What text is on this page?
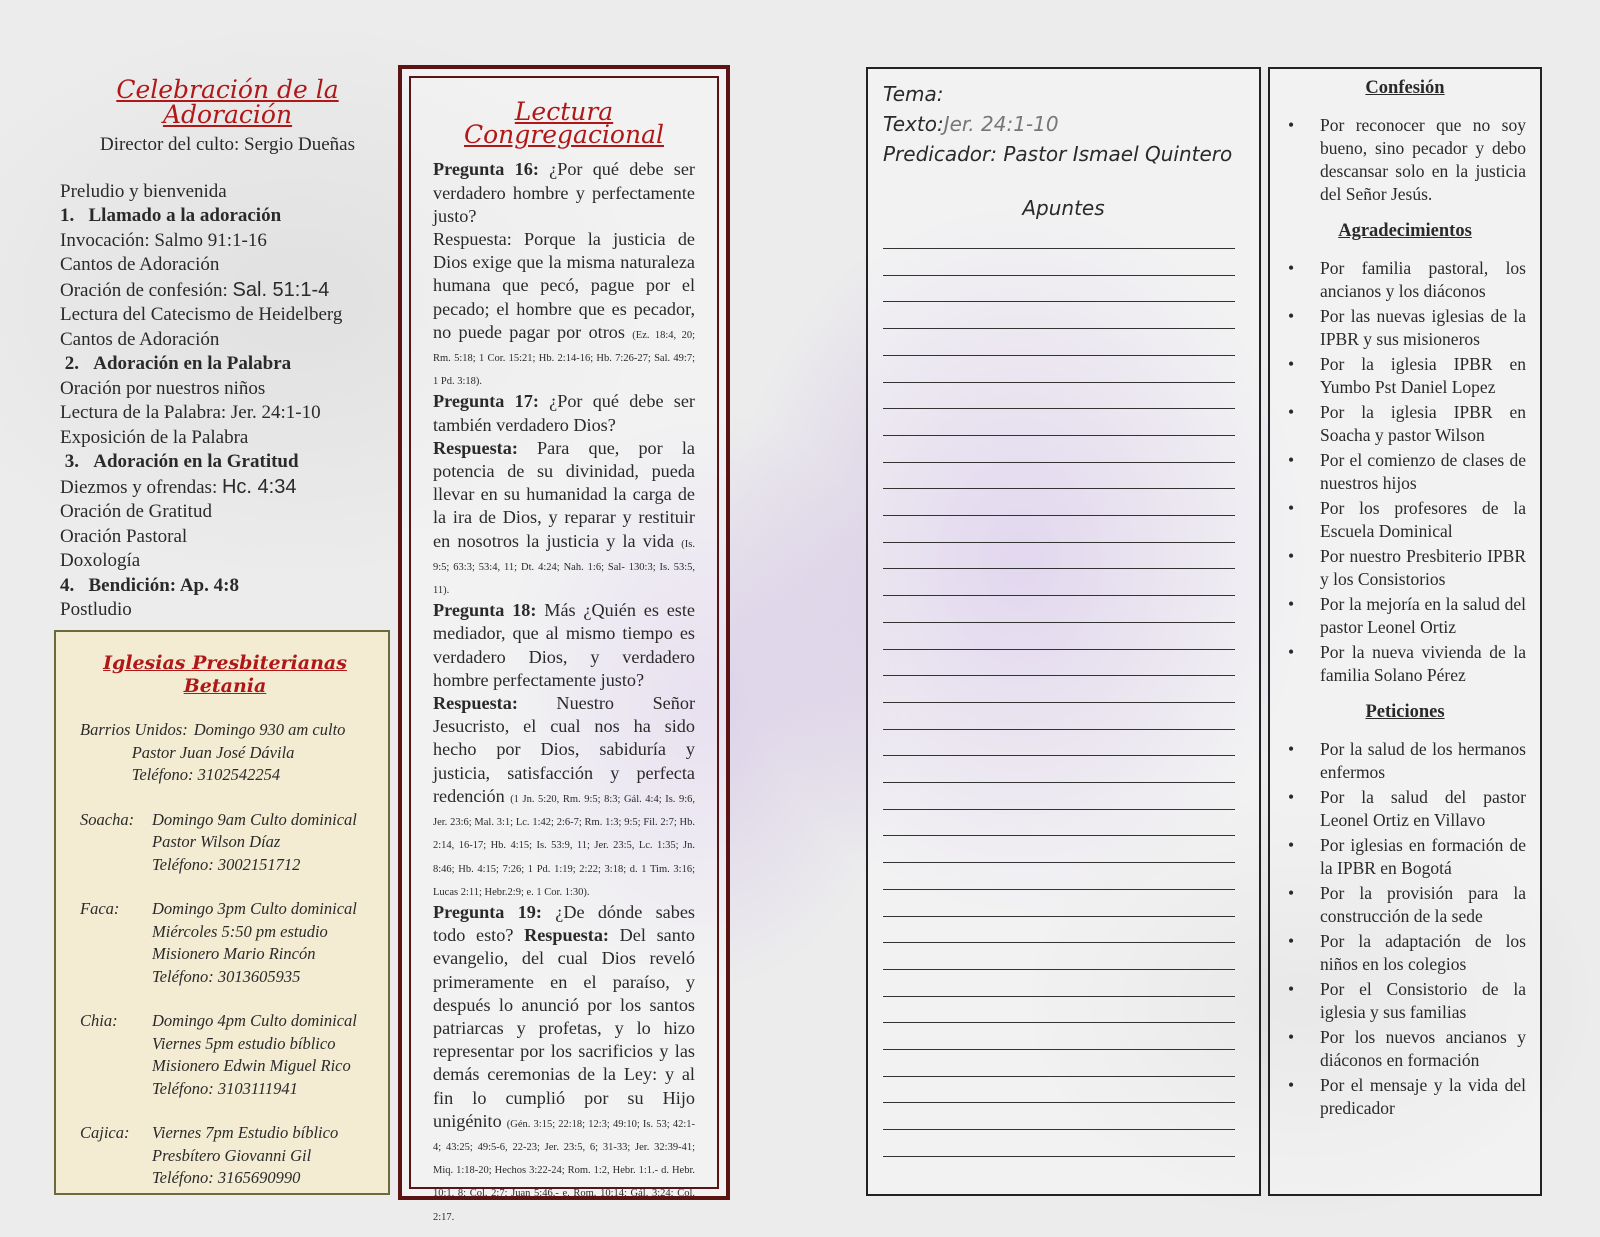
Celebración de la Adoración
Director del culto: Sergio Dueñas
Preludio y bienvenida
1. Llamado a la adoración
Invocación: Salmo 91:1-16
Cantos de Adoración
Oración de confesión: Sal. 51:1-4
Lectura del Catecismo de Heidelberg
Cantos de Adoración
2. Adoración en la Palabra
Oración por nuestros niños
Lectura de la Palabra: Jer. 24:1-10
Exposición de la Palabra
3. Adoración en la Gratitud
Diezmos y ofrendas: Hc. 4:34
Oración de Gratitud
Oración Pastoral
Doxología
4. Bendición: Ap. 4:8
Postludio
Iglesias Presbiterianas Betania
Barrios Unidos: Domingo 930 am culto
Pastor Juan José Dávila
Teléfono: 3102542254
Soacha:	Domingo 9am Culto dominical
Pastor Wilson Díaz
Teléfono: 3002151712
Faca:	Domingo 3pm Culto dominical
Miércoles 5:50 pm estudio
Misionero Mario Rincón
Teléfono: 3013605935
Chia:	Domingo 4pm Culto dominical
Viernes 5pm estudio bíblico
Misionero Edwin Miguel Rico
Teléfono: 3103111941
Cajica:	Viernes 7pm Estudio bíblico
Presbítero Giovanni Gil
Teléfono: 3165690990
Lectura Congregacional

Pregunta 16: ¿Por qué debe ser verdadero hombre y perfectamente justo?

Respuesta: Porque la justicia de Dios exige que la misma naturaleza humana que pecó, pague por el pecado; el hombre que es pecador, no puede pagar por otros (Ez. 18:4, 20; Rm. 5:18; 1 Cor. 15:21; Hb. 2:14-16; Hb. 7:26-27; Sal. 49:7; 1 Pd. 3:18).

Pregunta 17: ¿Por qué debe ser también verdadero Dios?

Respuesta: Para que, por la potencia de su divinidad, pueda llevar en su humanidad la carga de la ira de Dios, y reparar y restituir en nosotros la justicia y la vida (Is. 9:5; 63:3; 53:4, 11; Dt. 4:24; Nah. 1:6; Sal- 130:3; Is. 53:5, 11).

Pregunta 18: Más ¿Quién es este mediador, que al mismo tiempo es verdadero Dios, y verdadero hombre perfectamente justo?

Respuesta: Nuestro Señor Jesucristo, el cual nos ha sido hecho por Dios, sabiduría y justicia, satisfacción y perfecta redención (1 Jn. 5:20, Rm. 9:5; 8:3; Gál. 4:4; Is. 9:6, Jer. 23:6; Mal. 3:1; Lc. 1:42; 2:6-7; Rm. 1:3; 9:5; Fil. 2:7; Hb. 2:14, 16-17; Hb. 4:15; Is. 53:9, 11; Jer. 23:5, Lc. 1:35; Jn. 8:46; Hb. 4:15; 7:26; 1 Pd. 1:19; 2:22; 3:18; d. 1 Tim. 3:16; Lucas 2:11; Hebr.2:9; e. 1 Cor. 1:30).

Pregunta 19: ¿De dónde sabes todo esto? Respuesta: Del santo evangelio, del cual Dios reveló primeramente en el paraíso, y después lo anunció por los santos patriarcas y profetas, y lo hizo representar por los sacrificios y las demás ceremonias de la Ley: y al fin lo cumplió por su Hijo unigénito (Gén. 3:15; 22:18; 12:3; 49:10; Is. 53; 42:1-4; 43:25; 49:5-6, 22-23; Jer. 23:5, 6; 31-33; Jer. 32:39-41; Miq. 1:18-20; Hechos 3:22-24; Rom. 1:2, Hebr. 1:1.- d. Hebr. 10:1, 8; Col. 2:7; Juan 5:46.- e. Rom. 10:14; Gál. 3:24; Col. 2:17.

Tema:
Texto:Jer. 24:1-10
Predicador: Pastor Ismael Quintero
Apuntes
Confesión
• Por reconocer que no soy bueno, sino pecador y debo descansar solo en la justicia del Señor Jesús.
Agradecimientos
• Por familia pastoral, los ancianos y los diáconos
• Por las nuevas iglesias de la IPBR y sus misioneros
• Por la iglesia IPBR en Yumbo Pst Daniel Lopez
• Por la iglesia IPBR en Soacha y pastor Wilson
• Por el comienzo de clases de nuestros hijos
• Por los profesores de la Escuela Dominical
• Por nuestro Presbiterio IPBR y los Consistorios
• Por la mejoría en la salud del pastor Leonel Ortiz
• Por la nueva vivienda de la familia Solano Pérez
Peticiones
• Por la salud de los hermanos enfermos
• Por la salud del pastor Leonel Ortiz en Villavo
• Por iglesias en formación de la IPBR en Bogotá
• Por la provisión para la construcción de la sede
• Por la adaptación de los niños en los colegios
• Por el Consistorio de la iglesia y sus familias
• Por los nuevos ancianos y diáconos en formación
• Por el mensaje y la vida del predicador
